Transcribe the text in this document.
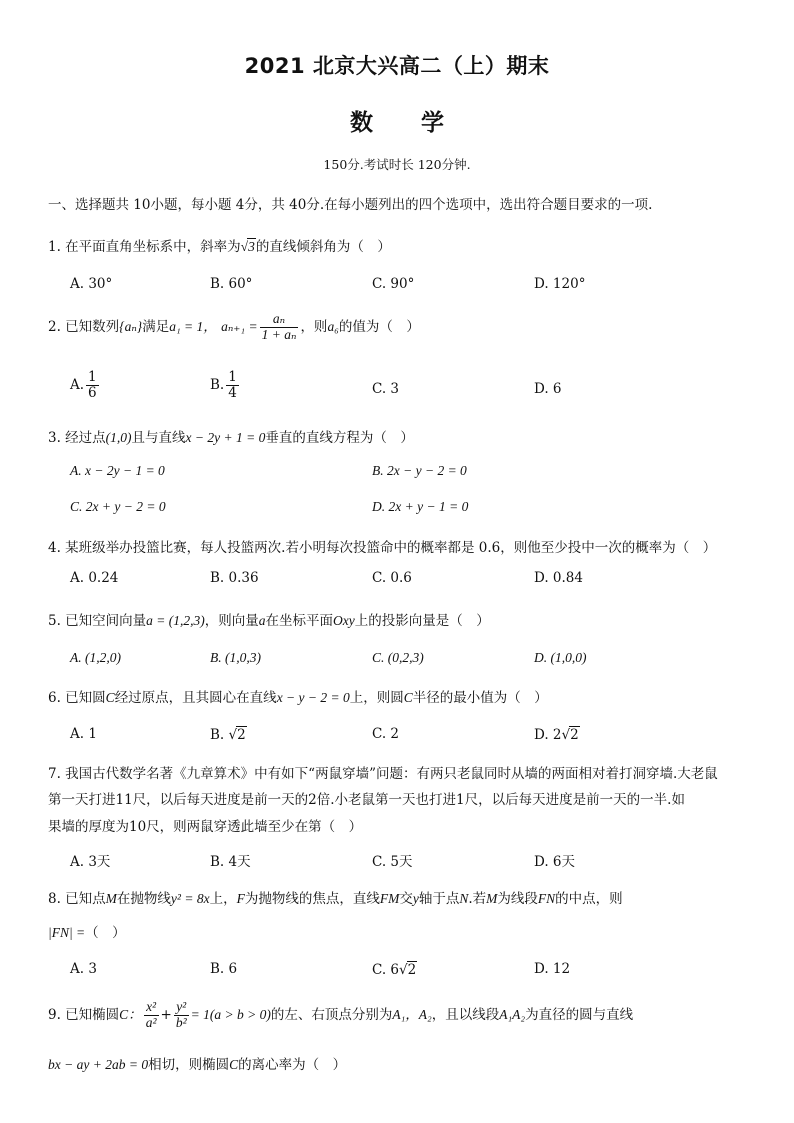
2021 北京大兴高二（上）期末
数 学
150分.考试时长 120分钟.
一、选择题共 10小题，每小题 4分，共 40分.在每小题列出的四个选项中，选出符合题目要求的一项.
1. 在平面直角坐标系中，斜率为√3的直线倾斜角为（　）
A. 30°	B. 60°	C. 90°	D. 120°
2. 已知数列{aₙ}满足a₁ = 1， $a_{n+1} = \frac{\text{aₙ}}{\text{1 + aₙ}}$ ，则a₆的值为（　）
A. $\frac{1}{6}$	B. $\frac{1}{4}$	C. 3	D. 6
3. 经过点(1,0)且与直线x − 2y + 1 = 0垂直的直线方程为（　）
A. x − 2y − 1 = 0	B. 2x − y − 2 = 0
C. 2x + y − 2 = 0	D. 2x + y − 1 = 0
4. 某班级举办投篮比赛，每人投篮两次.若小明每次投篮命中的概率都是 0.6，则他至少投中一次的概率为（　）
A. 0.24	B. 0.36	C. 0.6	D. 0.84
5. 已知空间向量a = (1,2,3)，则向量a在坐标平面Oxy上的投影向量是（　）
A. (1,2,0)	B. (1,0,3)	C. (0,2,3)	D. (1,0,0)
6. 已知圆C经过原点，且其圆心在直线x − y − 2 = 0上，则圆C半径的最小值为（　）
A. 1	B. √2	C. 2	D. 2√2
7. 我国古代数学名著《九章算术》中有如下“两鼠穿墙”问题：有两只老鼠同时从墙的两面相对着打洞穿墙.大老鼠
第一天打进11尺，以后每天进度是前一天的2倍.小老鼠第一天也打进1尺，以后每天进度是前一天的一半.如
果墙的厚度为10尺，则两鼠穿透此墙至少在第（　）
A. 3天	B. 4天	C. 5天	D. 6天
8. 已知点M在抛物线y² = 8x上，F为抛物线的焦点，直线FM交y轴于点N.若M为线段FN的中点，则
|FN| =（　）
A. 3	B. 6	C. 6√2	D. 12
9. 已知椭圆C： $\frac{\text{x²}}{\text{a²}} + \frac{\text{y²}}{\text{b²}} = 1(a > b > 0)$的左、右顶点分别为A₁，A₂，且以线段A₁A₂为直径的圆与直线
bx − ay + 2ab = 0相切，则椭圆C的离心率为（　）
